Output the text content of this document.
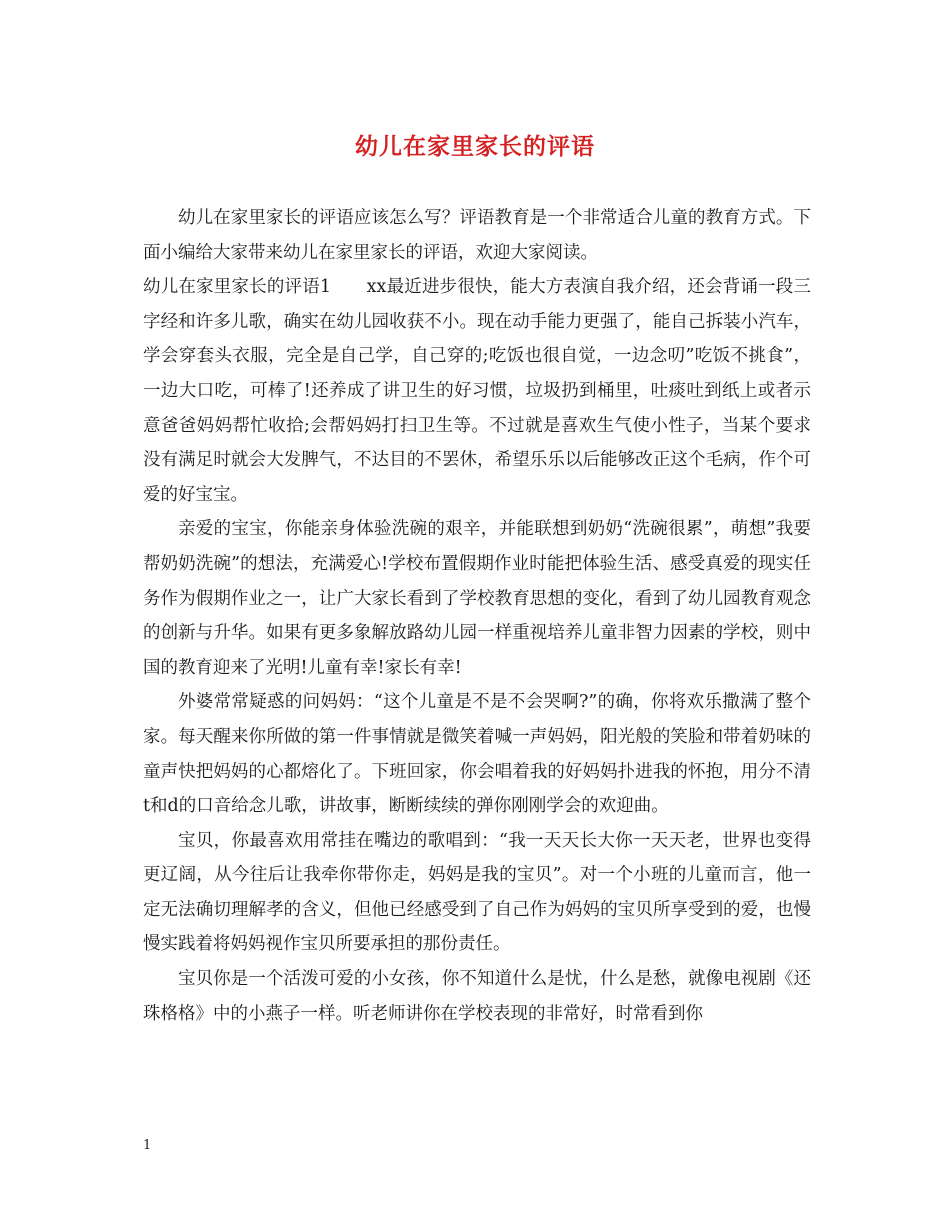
幼儿在家里家长的评语

幼儿在家里家长的评语应该怎么写？评语教育是一个非常适合儿童的教育方式。下面小编给大家带来幼儿在家里家长的评语，欢迎大家阅读。

幼儿在家里家长的评语1　　xx最近进步很快，能大方表演自我介绍，还会背诵一段三字经和许多儿歌，确实在幼儿园收获不小。现在动手能力更强了，能自己拆装小汽车，学会穿套头衣服，完全是自己学，自己穿的;吃饭也很自觉，一边念叨”吃饭不挑食”，一边大口吃，可棒了!还养成了讲卫生的好习惯，垃圾扔到桶里，吐痰吐到纸上或者示意爸爸妈妈帮忙收拾;会帮妈妈打扫卫生等。不过就是喜欢生气使小性子，当某个要求没有满足时就会大发脾气，不达目的不罢休，希望乐乐以后能够改正这个毛病，作个可爱的好宝宝。

亲爱的宝宝，你能亲身体验洗碗的艰辛，并能联想到奶奶“洗碗很累”，萌想”我要帮奶奶洗碗”的想法，充满爱心!学校布置假期作业时能把体验生活、感受真爱的现实任务作为假期作业之一，让广大家长看到了学校教育思想的变化，看到了幼儿园教育观念的创新与升华。如果有更多象解放路幼儿园一样重视培养儿童非智力因素的学校，则中国的教育迎来了光明!儿童有幸!家长有幸!

外婆常常疑惑的问妈妈：“这个儿童是不是不会哭啊?”的确，你将欢乐撒满了整个家。每天醒来你所做的第一件事情就是微笑着喊一声妈妈，阳光般的笑脸和带着奶味的童声快把妈妈的心都熔化了。下班回家，你会唱着我的好妈妈扑进我的怀抱，用分不清t和d的口音给念儿歌，讲故事，断断续续的弹你刚刚学会的欢迎曲。

宝贝，你最喜欢用常挂在嘴边的歌唱到：“我一天天长大你一天天老，世界也变得更辽阔，从今往后让我牵你带你走，妈妈是我的宝贝”。对一个小班的儿童而言，他一定无法确切理解孝的含义，但他已经感受到了自己作为妈妈的宝贝所享受到的爱，也慢慢实践着将妈妈视作宝贝所要承担的那份责任。

宝贝你是一个活泼可爱的小女孩，你不知道什么是忧，什么是愁，就像电视剧《还珠格格》中的小燕子一样。听老师讲你在学校表现的非常好，时常看到你

1
